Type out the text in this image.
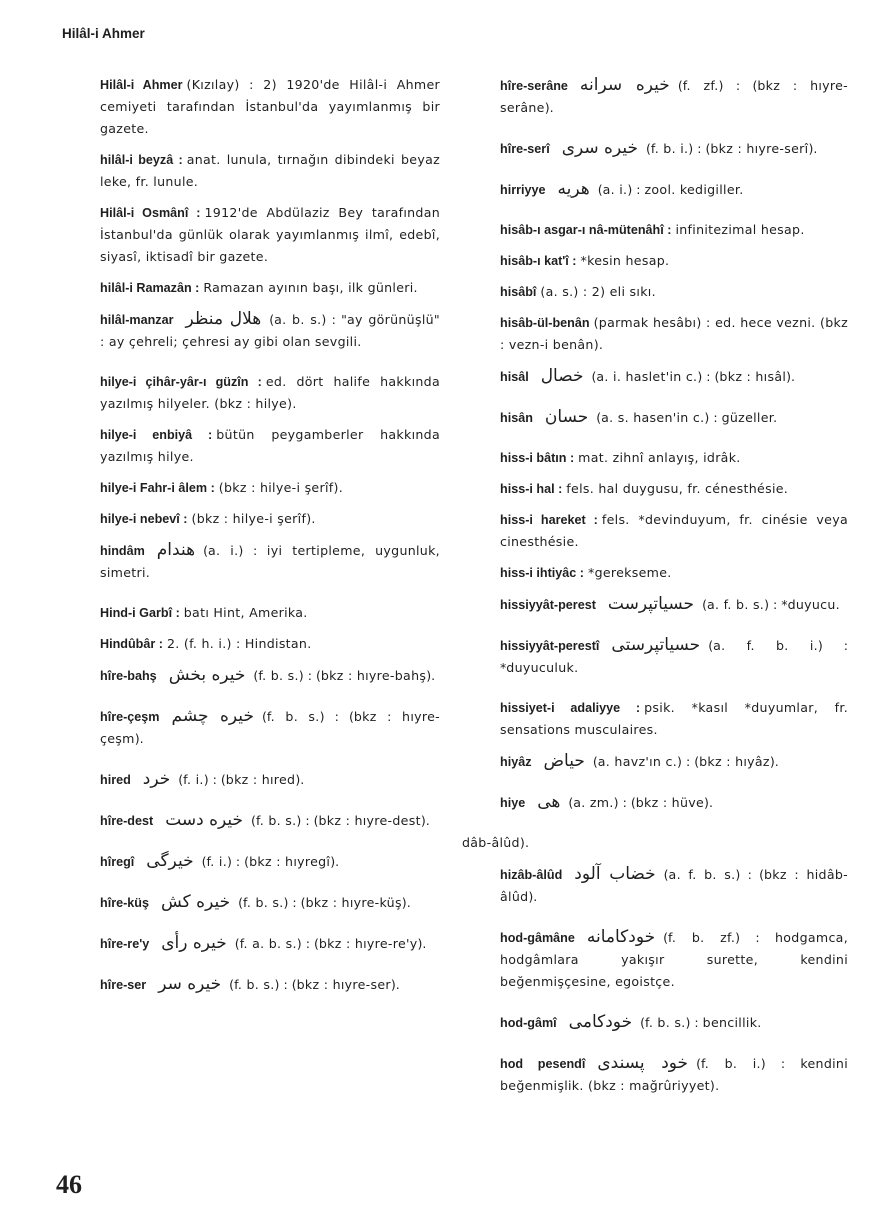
Hilâl-i Ahmer
Hilâl-i Ahmer (Kızılay) : 2) 1920'de Hilâl-i Ahmer cemiyeti tarafından İstanbul'da yayımlanmış bir gazete.
hilâl-i beyzâ : anat. lunula, tırnağın dibindeki beyaz leke, fr. lunule.
Hilâl-i Osmânî : 1912'de Abdülaziz Bey tarafından İstanbul'da günlük olarak yayımlanmış ilmî, edebî, siyasî, iktisadî bir gazete.
hilâl-i Ramazân : Ramazan ayının başı, ilk günleri.
hilâl-manzar هلال منظر (a. b. s.) : "ay görünüşlü" : ay çehreli; çehresi ay gibi olan sevgili.
hilye-i çihâr-yâr-ı güzîn : ed. dört halife hakkında yazılmış hilyeler. (bkz : hilye).
hilye-i enbiyâ : bütün peygamberler hakkında yazılmış hilye.
hilye-i Fahr-i âlem : (bkz : hilye-i şerîf).
hilye-i nebevî : (bkz : hilye-i şerîf).
hindâm هندام (a. i.) : iyi tertipleme, uygunluk, simetri.
Hind-i Garbî : batı Hint, Amerika.
Hindûbâr : 2. (f. h. i.) : Hindistan.
hîre-bahş خیره بخش (f. b. s.) : (bkz : hıyre-bahş).
hîre-çeşm خیره چشم (f. b. s.) : (bkz : hıyre-çeşm).
hired خرد (f. i.) : (bkz : hıred).
hîre-dest خیره دست (f. b. s.) : (bkz : hıyre-dest).
hîregî خیرگی (f. i.) : (bkz : hıyregî).
hîre-küş خیره کش (f. b. s.) : (bkz : hıyre-küş).
hîre-re'y خیره رأی (f. a. b. s.) : (bkz : hıyre-re'y).
hîre-ser خیره سر (f. b. s.) : (bkz : hıyre-ser).
hîre-serâne خیره سرانه (f. zf.) : (bkz : hıyre-serâne).
hîre-serî خیره سری (f. b. i.) : (bkz : hıyre-serî).
hirriyye هریه (a. i.) : zool. kedigiller.
hisâb-ı asgar-ı nâ-mütenâhî : infinitezimal hesap.
hisâb-ı kat'î : *kesin hesap.
hisâbî (a. s.) : 2) eli sıkı.
hisâb-ül-benân (parmak hesâbı) : ed. hece vezni. (bkz : vezn-i benân).
hisâl خصال (a. i. haslet'in c.) : (bkz : hısâl).
hisân حسان (a. s. hasen'in c.) : güzeller.
hiss-i bâtın : mat. zihnî anlayış, idrâk.
hiss-i hal : fels. hal duygusu, fr. cénesthésie.
hiss-i hareket : fels. *devinduyum, fr. cinésie veya cinesthésie.
hiss-i ihtiyâc : *gerekseme.
hissiyyât-perest حسیاتپرست (a. f. b. s.) : *duyucu.
hissiyyât-perestî حسیاتپرستی (a. f. b. i.) : *duyuculuk.
hissiyet-i adaliyye : psik. *kasıl *duyumlar, fr. sensations musculaires.
hiyâz حیاض (a. havz'ın c.) : (bkz : hıyâz).
hiye هی (a. zm.) : (bkz : hüve).
dâb-âlûd).
hizâb-âlûd خضاب آلود (a. f. b. s.) : (bkz : hidâb-âlûd).
hod-gâmâne خودکامانه (f. b. zf.) : hodgamca, hodgâmlara yakışır surette, kendini beğenmişçesine, egoistçe.
hod-gâmî خودکامی (f. b. s.) : bencillik.
hod pesendî خود پسندی (f. b. i.) : kendini beğenmişlik. (bkz : mağrûriyyet).
46
